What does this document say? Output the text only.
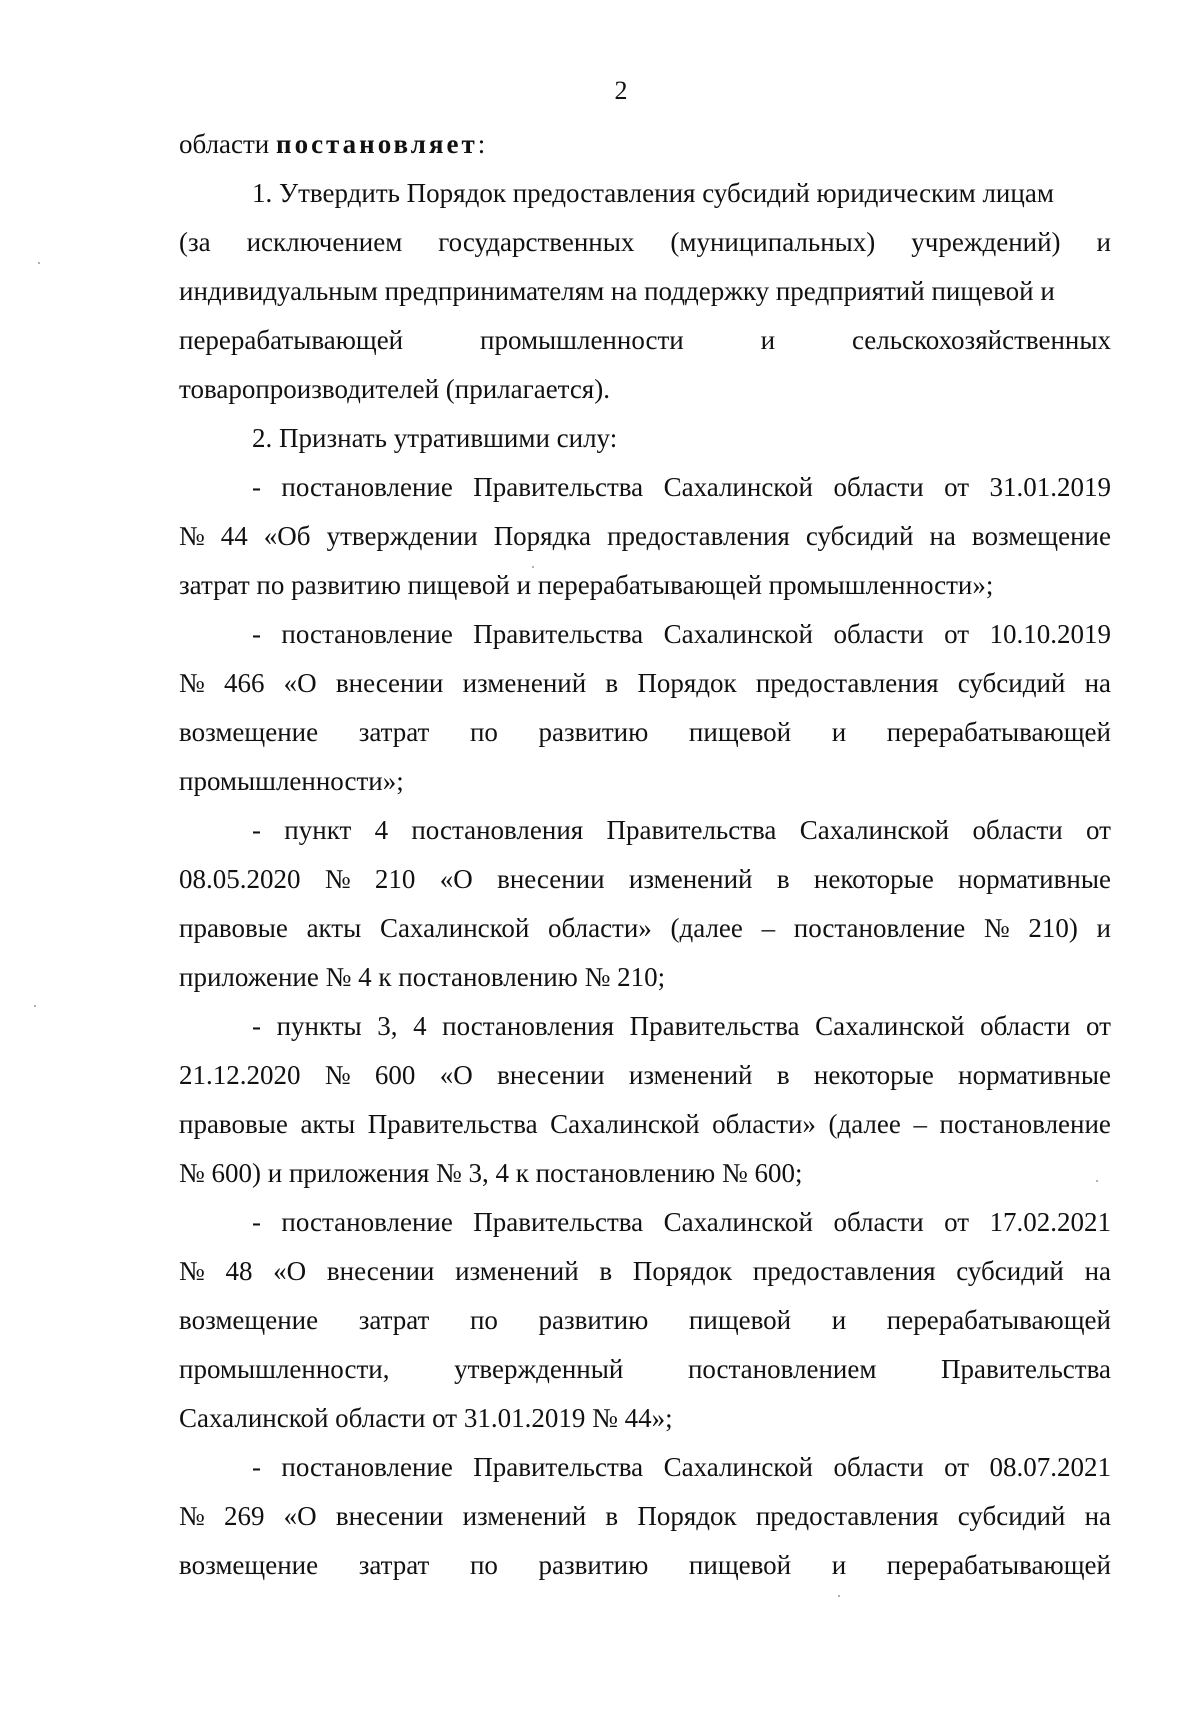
2
области постановляет:
1. Утвердить Порядок предоставления субсидий юридическим лицам
(за исключением государственных (муниципальных) учреждений) и
индивидуальным предпринимателям на поддержку предприятий пищевой и
перерабатывающей	промышленности	и	сельскохозяйственных
товаропроизводителей (прилагается).
2. Признать утратившими силу:
- постановление Правительства Сахалинской области от 31.01.2019
№ 44 «Об утверждении Порядка предоставления субсидий на возмещение
затрат по развитию пищевой и перерабатывающей промышленности»;
- постановление Правительства Сахалинской области от 10.10.2019
№ 466 «О внесении изменений в Порядок предоставления субсидий на
возмещение затрат по развитию пищевой и перерабатывающей
промышленности»;
- пункт 4 постановления Правительства Сахалинской области от
08.05.2020 № 210 «О внесении изменений в некоторые нормативные
правовые акты Сахалинской области» (далее – постановление № 210) и
приложение № 4 к постановлению № 210;
- пункты 3, 4 постановления Правительства Сахалинской области от
21.12.2020 № 600 «О внесении изменений в некоторые нормативные
правовые акты Правительства Сахалинской области» (далее – постановление
№ 600) и приложения № 3, 4 к постановлению № 600;
- постановление Правительства Сахалинской области от 17.02.2021
№ 48 «О внесении изменений в Порядок предоставления субсидий на
возмещение затрат по развитию пищевой и перерабатывающей
промышленности, утвержденный постановлением Правительства
Сахалинской области от 31.01.2019 № 44»;
- постановление Правительства Сахалинской области от 08.07.2021
№ 269 «О внесении изменений в Порядок предоставления субсидий на
возмещение затрат по развитию пищевой и перерабатывающей
